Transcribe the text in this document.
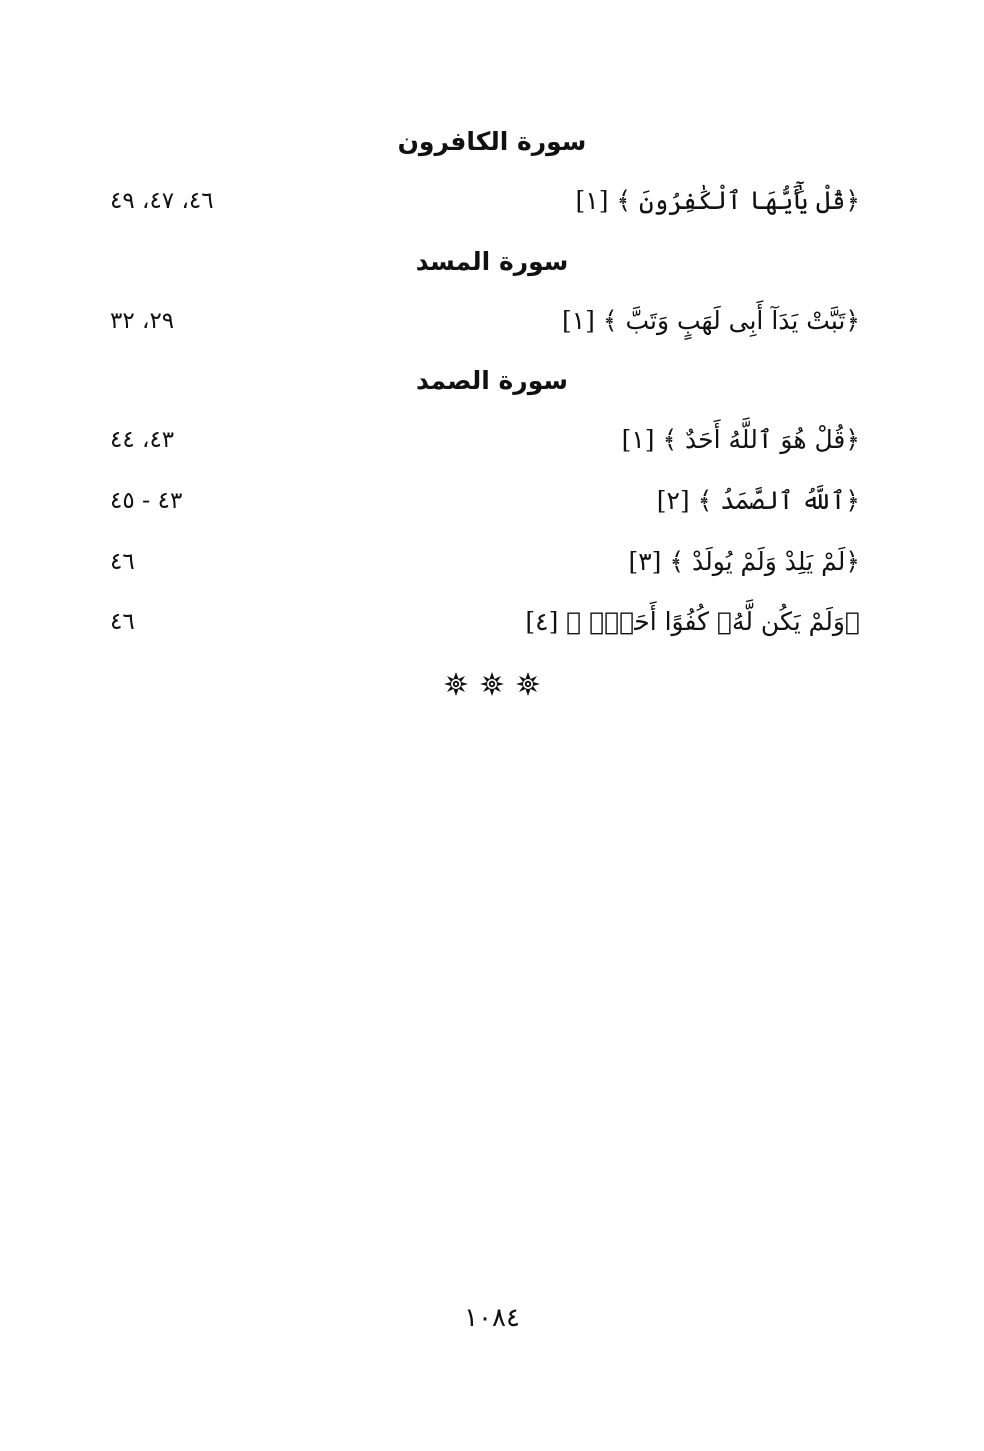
سورة الكافرون
﴿قُلْ يَٰٓأَيُّهَا ٱلْكَٰفِرُونَ ﴾ [١]
٤٦، ٤٧، ٤٩
سورة المسد
﴿تَبَّتْ يَدَآ أَبِى لَهَبٍ وَتَبَّ ﴾ [١]
٢٩، ٣٢
سورة الصمد
﴿قُلْ هُوَ ٱللَّهُ أَحَدٌ ﴾ [١]
٤٣، ٤٤
﴿ٱللَّهُ ٱلصَّمَدُ ﴾ [٢]
٤٣ - ٤٥
﴿لَمْ يَلِدْ وَلَمْ يُولَدْ ﴾ [٣]
٤٦
﴿وَلَمْ يَكُن لَّهُۥ كُفُوًا أَحَدٌۢ ﴾ [٤]
٤٦
١٠٨٤
